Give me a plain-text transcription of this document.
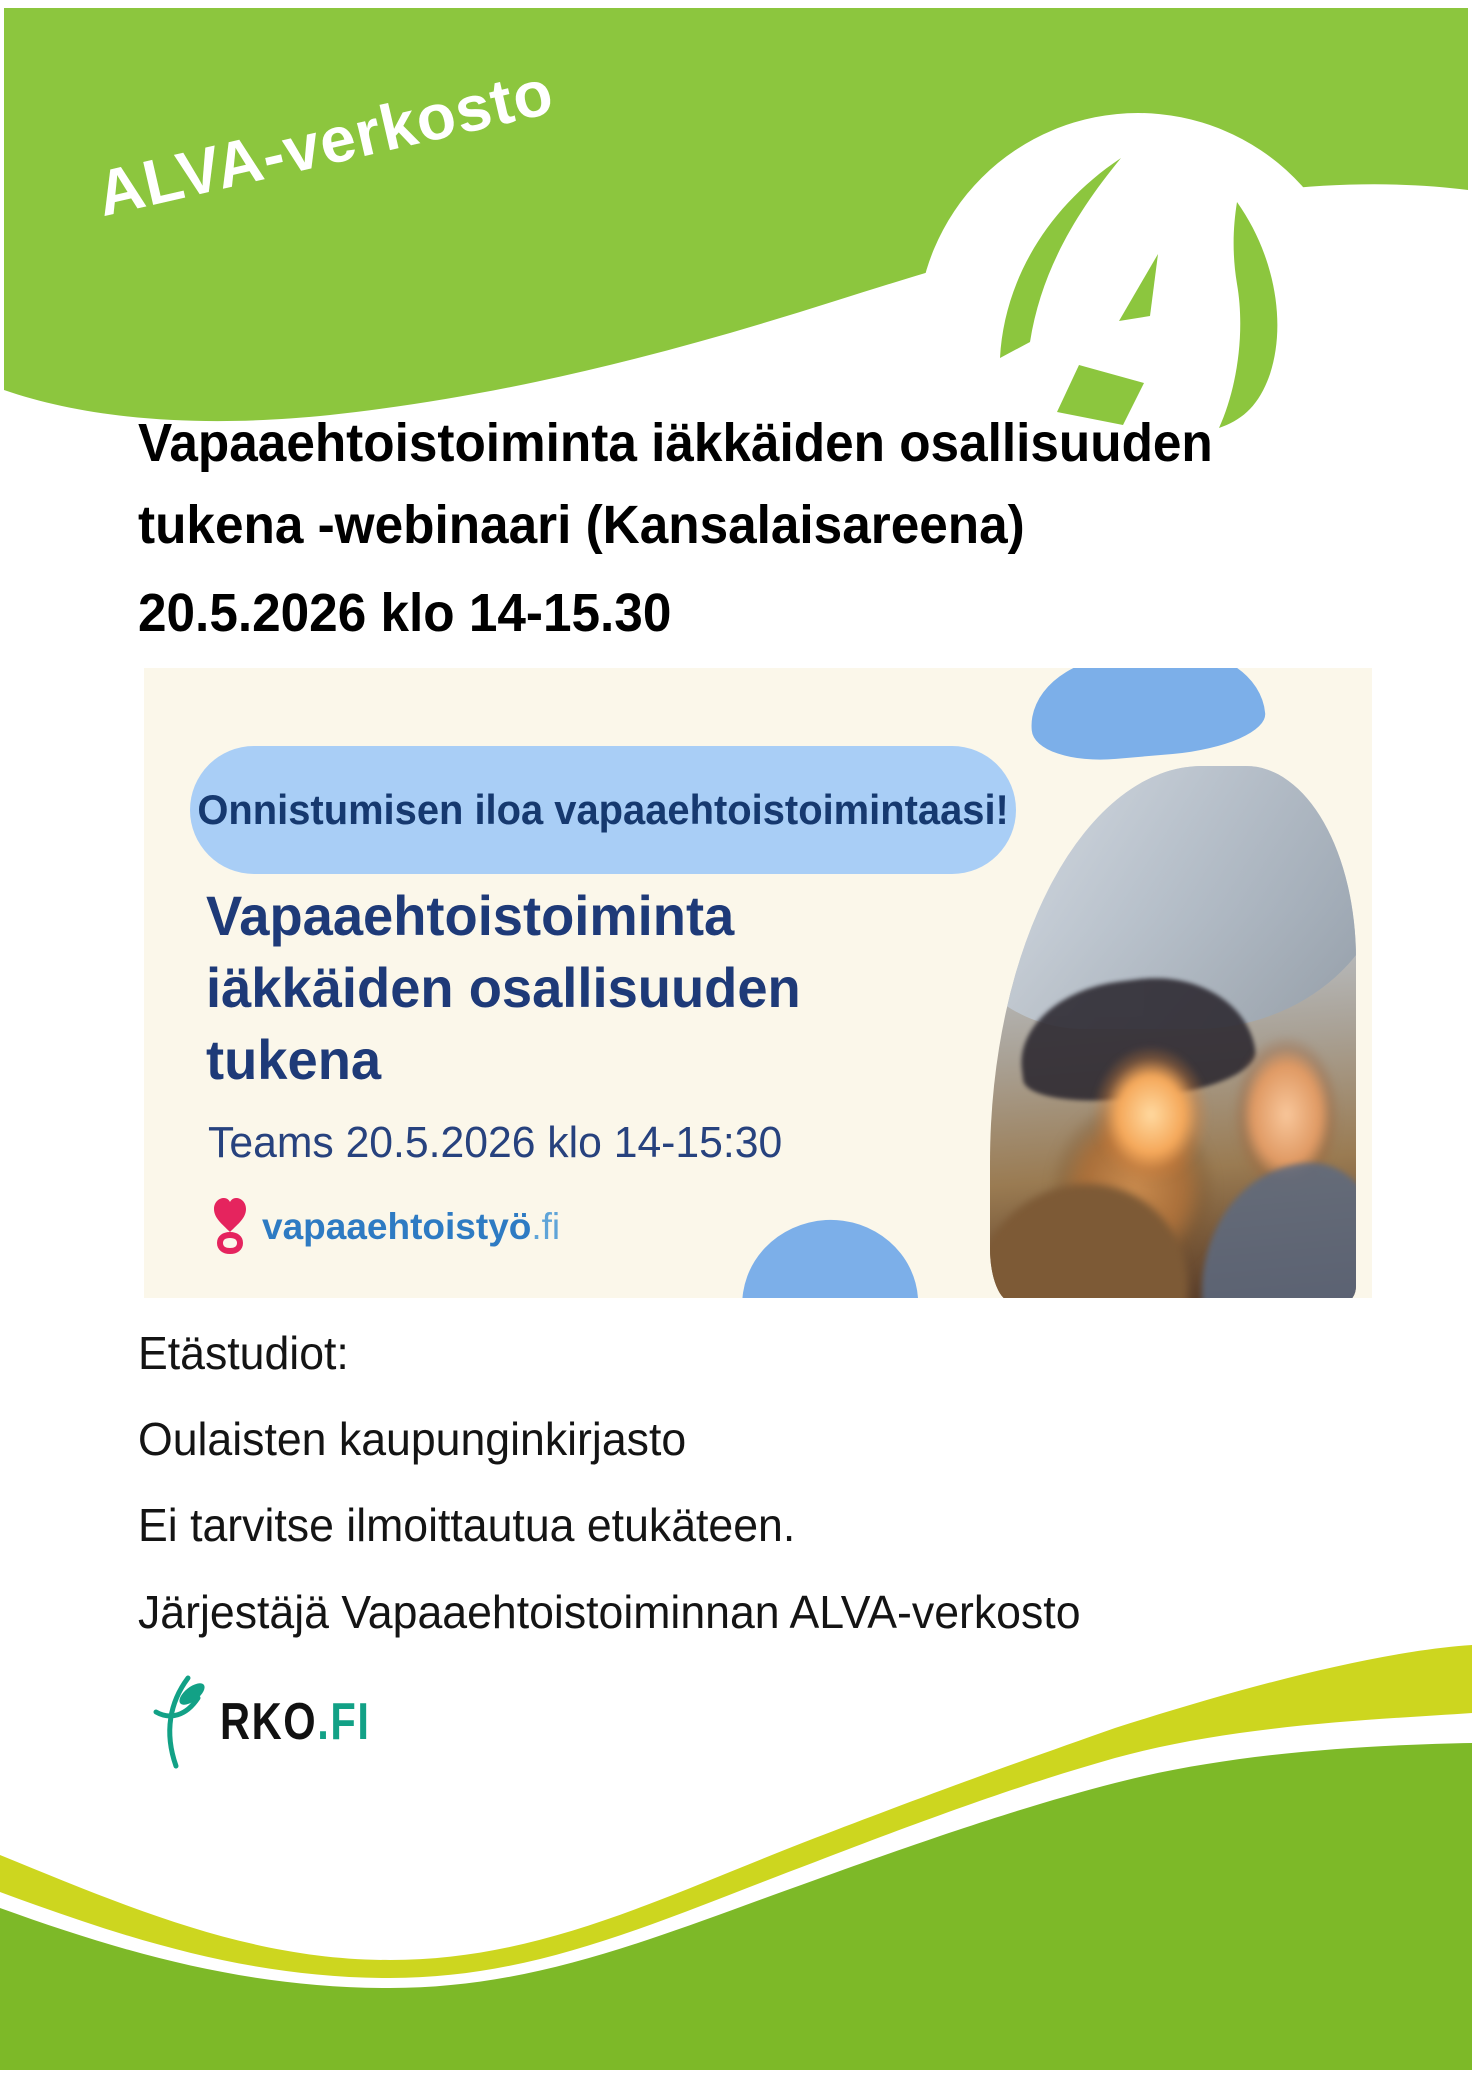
ALVA-verkosto
Vapaaehtoistoiminta iäkkäiden osallisuuden
tukena -webinaari (Kansalaisareena)
20.5.2026 klo 14-15.30
Onnistumisen iloa vapaaehtoistoimintaasi!
Vapaaehtoistoiminta
iäkkäiden osallisuuden
tukena
Teams 20.5.2026 klo 14-15:30
vapaaehtoistyö.fi
Etästudiot:
Oulaisten kaupunginkirjasto
Ei tarvitse ilmoittautua etukäteen.
Järjestäjä Vapaaehtoistoiminnan ALVA-verkosto
RKO.FI
